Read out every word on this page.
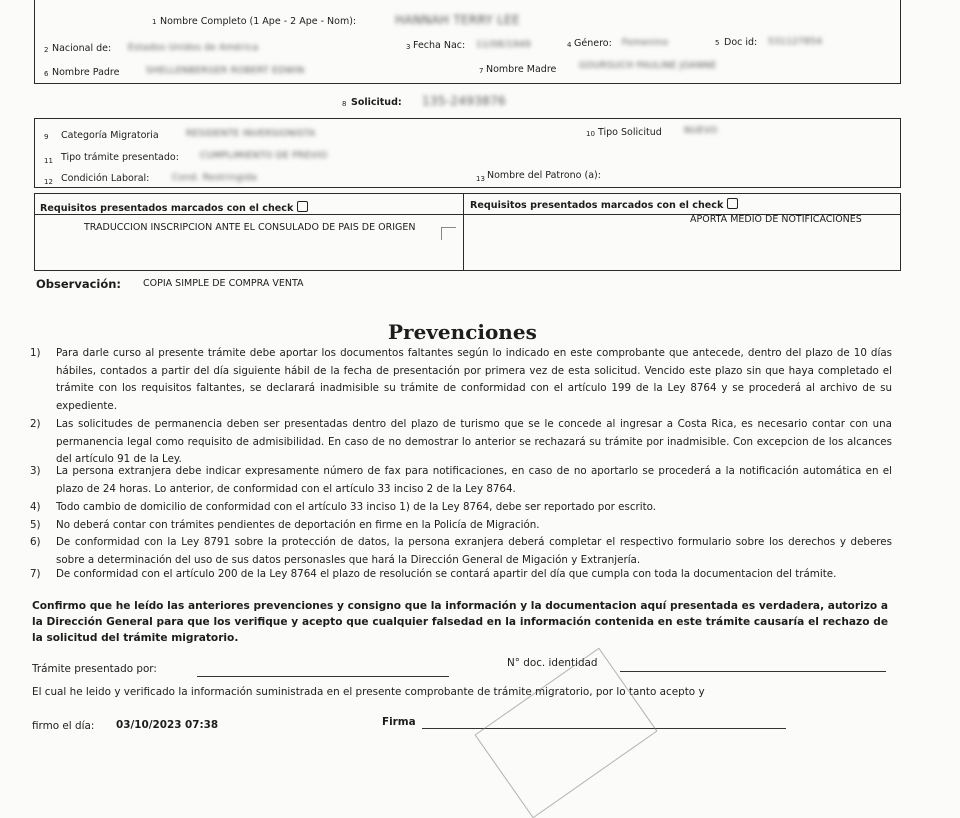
1 Nombre Completo (1 Ape - 2 Ape - Nom):	HANNAH TERRY LEE
2 Nacional de: Estados Unidos de América	3 Fecha Nac: 11/08/1949	4 Género: Femenino	5 Doc id: 531127854
6 Nombre Padre	SHELLENBERGER ROBERT EDWIN	7 Nombre Madre	GOURSUCH PAULINE JOANNE
8 Solicitud: 135-2493876
9 Categoría Migratoria	RESIDENTE INVERSIONISTA	10 Tipo Solicitud NUEVO
11 Tipo trámite presentado: CUMPLIMIENTO DE PREVIO
12 Condición Laboral:	Cond. Restringida	13 Nombre del Patrono (a):
Requisitos presentados marcados con el check	Requisitos presentados marcados con el check
TRADUCCION INSCRIPCION ANTE EL CONSULADO DE PAIS DE ORIGEN
APORTA MEDIO DE NOTIFICACIONES
Observación: COPIA SIMPLE DE COMPRA VENTA
Prevenciones
1) Para darle curso al presente trámite debe aportar los documentos faltantes según lo indicado en este comprobante que antecede, dentro del plazo de 10 días hábiles, contados a partir del día siguiente hábil de la fecha de presentación por primera vez de esta solicitud. Vencido este plazo sin que haya completado el trámite con los requisitos faltantes, se declarará inadmisible su trámite de conformidad con el artículo 199 de la Ley 8764 y se procederá al archivo de su expediente.
2) Las solicitudes de permanencia deben ser presentadas dentro del plazo de turismo que se le concede al ingresar a Costa Rica, es necesario contar con una permanencia legal como requisito de admisibilidad. En caso de no demostrar lo anterior se rechazará su trámite por inadmisible. Con excepcion de los alcances del artículo 91 de la Ley.
3) La persona extranjera debe indicar expresamente número de fax para notificaciones, en caso de no aportarlo se procederá a la notificación automática en el plazo de 24 horas. Lo anterior, de conformidad con el artículo 33 inciso 2 de la Ley 8764.
4) Todo cambio de domicilio de conformidad con el artículo 33 inciso 1) de la Ley 8764, debe ser reportado por escrito.
5) No deberá contar con trámites pendientes de deportación en firme en la Policía de Migración.
6) De conformidad con la Ley 8791 sobre la protección de datos, la persona exranjera deberá completar el respectivo formulario sobre los derechos y deberes sobre a determinación del uso de sus datos personasles que hará la Dirección General de Migación y Extranjería.
7) De conformidad con el artículo 200 de la Ley 8764 el plazo de resolución se contará apartir del día que cumpla con toda la documentacion del trámite.
Confirmo que he leído las anteriores prevenciones y consigno que la información y la documentacion aquí presentada es verdadera, autorizo a la Dirección General para que los verifique y acepto que cualquier falsedad en la información contenida en este trámite causaría el rechazo de la solicitud del trámite migratorio.
Trámite presentado por:	N° doc. identidad
El cual he leido y verificado la información suministrada en el presente comprobante de trámite migratorio, por lo tanto acepto y
firmo el día: 03/10/2023 07:38	Firma
